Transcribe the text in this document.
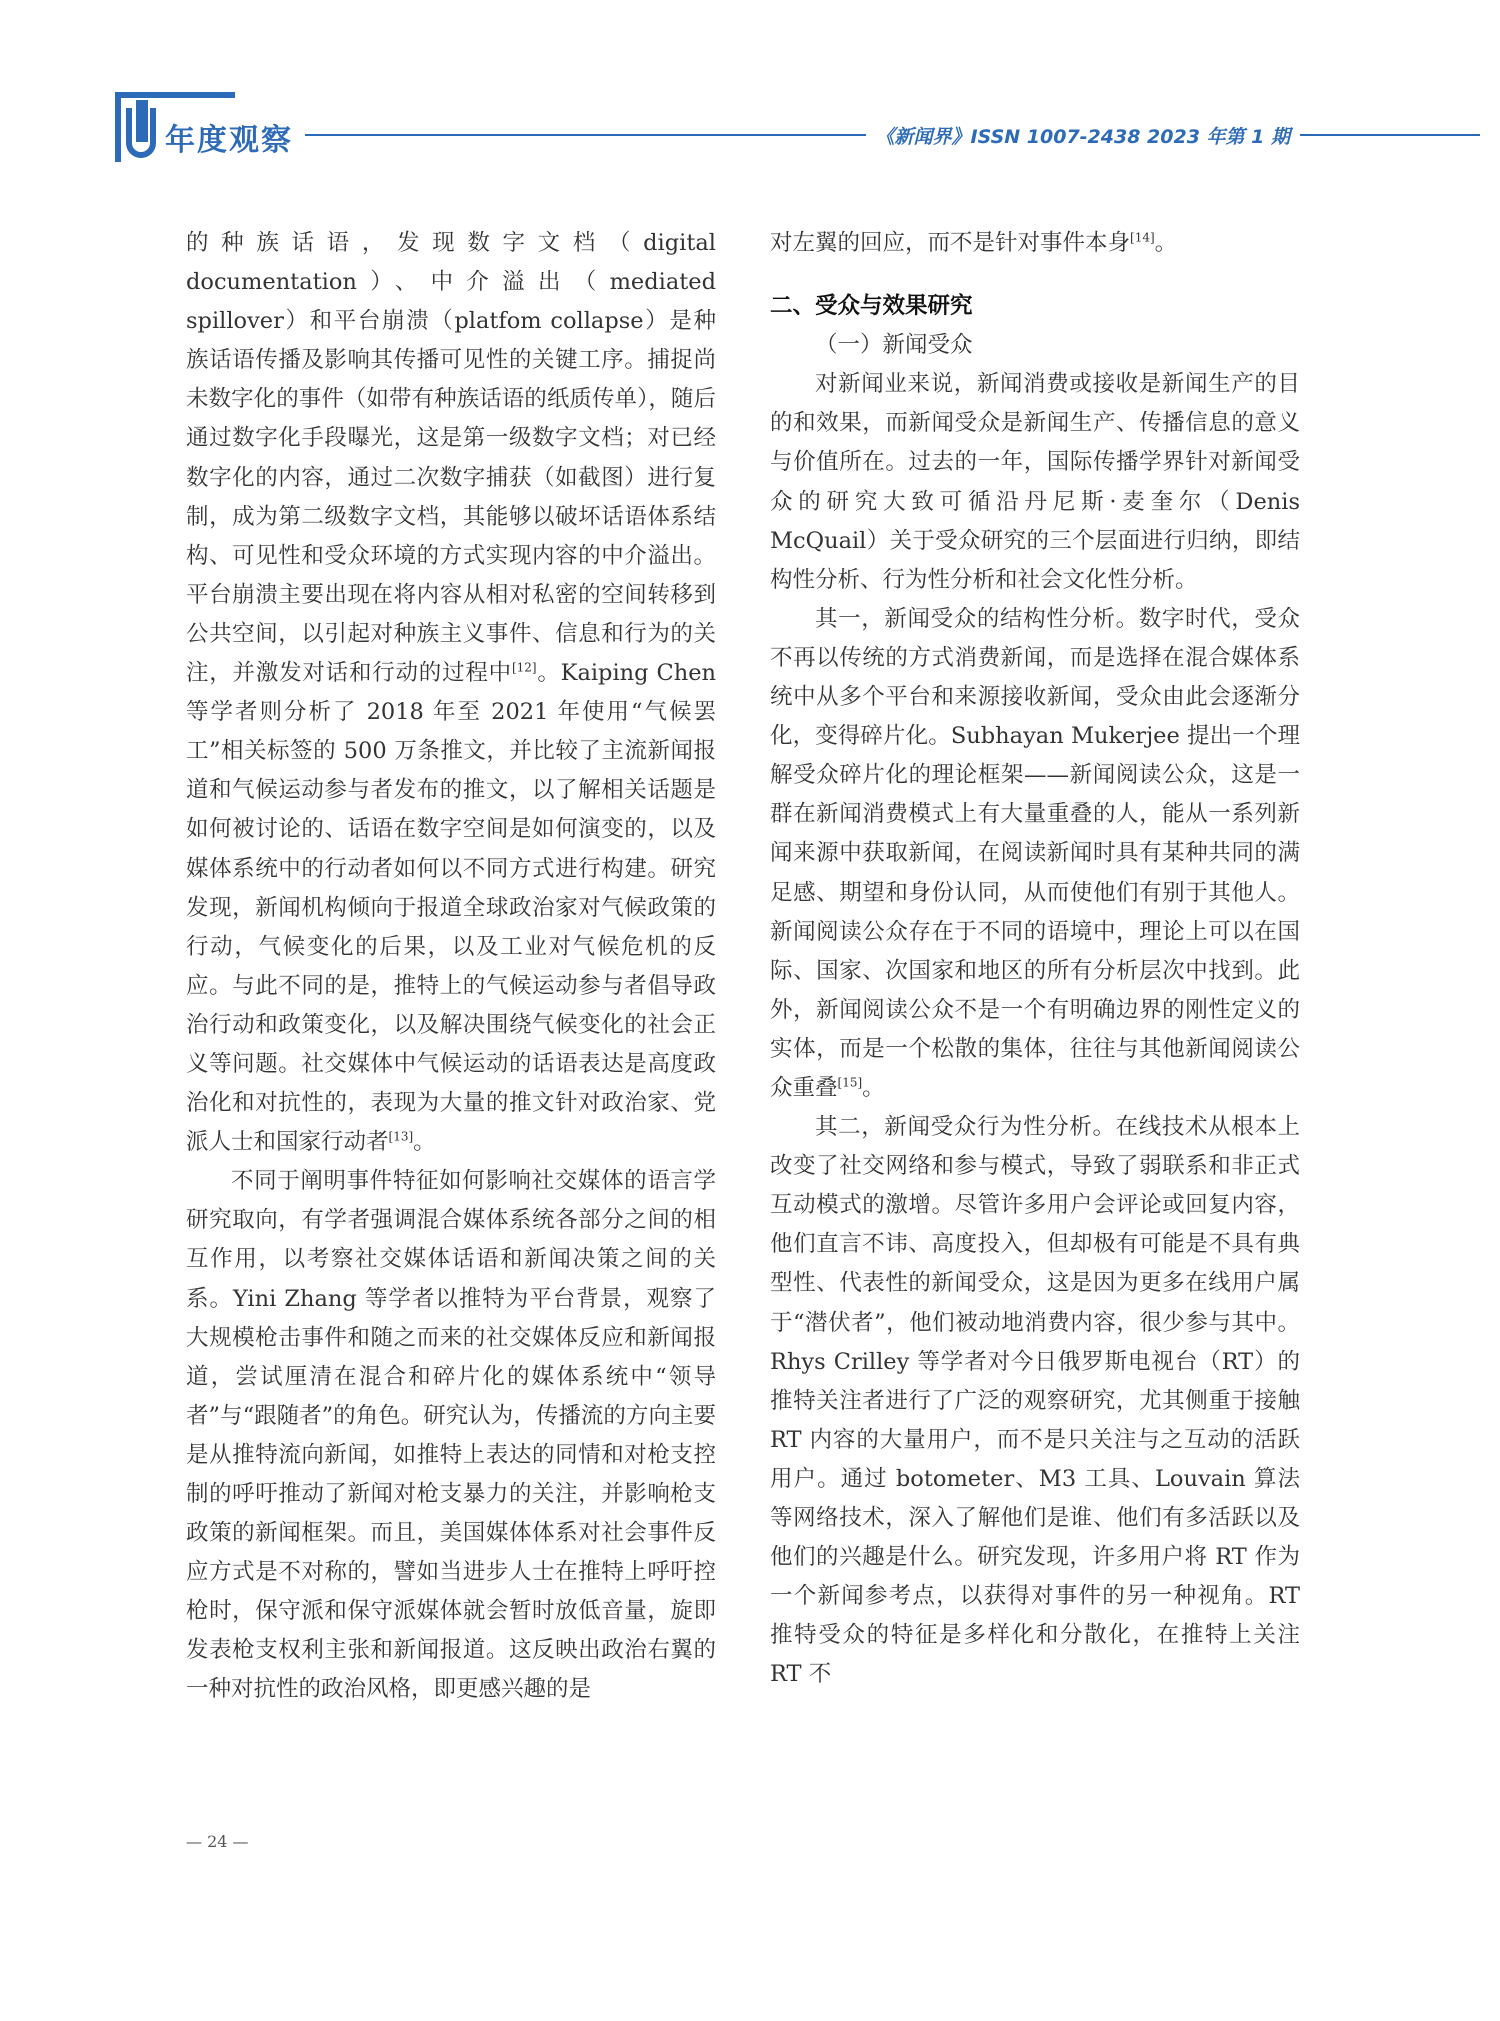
年度观察	《新闻界》ISSN 1007-2438 2023 年第 1 期

的种族话语，发现数字文档（digital documentation）、中介溢出（mediated spillover）和平台崩溃（platfom collapse）是种族话语传播及影响其传播可见性的关键工序。捕捉尚未数字化的事件（如带有种族话语的纸质传单），随后通过数字化手段曝光，这是第一级数字文档；对已经数字化的内容，通过二次数字捕获（如截图）进行复制，成为第二级数字文档，其能够以破坏话语体系结构、可见性和受众环境的方式实现内容的中介溢出。平台崩溃主要出现在将内容从相对私密的空间转移到公共空间，以引起对种族主义事件、信息和行为的关注，并激发对话和行动的过程中[12]。Kaiping Chen 等学者则分析了 2018 年至 2021 年使用“气候罢工”相关标签的 500 万条推文，并比较了主流新闻报道和气候运动参与者发布的推文，以了解相关话题是如何被讨论的、话语在数字空间是如何演变的，以及媒体系统中的行动者如何以不同方式进行构建。研究发现，新闻机构倾向于报道全球政治家对气候政策的行动，气候变化的后果，以及工业对气候危机的反应。与此不同的是，推特上的气候运动参与者倡导政治行动和政策变化，以及解决围绕气候变化的社会正义等问题。社交媒体中气候运动的话语表达是高度政治化和对抗性的，表现为大量的推文针对政治家、党派人士和国家行动者[13]。

不同于阐明事件特征如何影响社交媒体的语言学研究取向，有学者强调混合媒体系统各部分之间的相互作用，以考察社交媒体话语和新闻决策之间的关系。Yini Zhang 等学者以推特为平台背景，观察了大规模枪击事件和随之而来的社交媒体反应和新闻报道，尝试厘清在混合和碎片化的媒体系统中“领导者”与“跟随者”的角色。研究认为，传播流的方向主要是从推特流向新闻，如推特上表达的同情和对枪支控制的呼吁推动了新闻对枪支暴力的关注，并影响枪支政策的新闻框架。而且，美国媒体体系对社会事件反应方式是不对称的，譬如当进步人士在推特上呼吁控枪时，保守派和保守派媒体就会暂时放低音量，旋即发表枪支权利主张和新闻报道。这反映出政治右翼的一种对抗性的政治风格，即更感兴趣的是

对左翼的回应，而不是针对事件本身[14]。

二、受众与效果研究

（一）新闻受众

对新闻业来说，新闻消费或接收是新闻生产的目的和效果，而新闻受众是新闻生产、传播信息的意义与价值所在。过去的一年，国际传播学界针对新闻受众的研究大致可循沿丹尼斯·麦奎尔（Denis McQuail）关于受众研究的三个层面进行归纳，即结构性分析、行为性分析和社会文化性分析。

其一，新闻受众的结构性分析。数字时代，受众不再以传统的方式消费新闻，而是选择在混合媒体系统中从多个平台和来源接收新闻，受众由此会逐渐分化，变得碎片化。Subhayan Mukerjee 提出一个理解受众碎片化的理论框架——新闻阅读公众，这是一群在新闻消费模式上有大量重叠的人，能从一系列新闻来源中获取新闻，在阅读新闻时具有某种共同的满足感、期望和身份认同，从而使他们有别于其他人。新闻阅读公众存在于不同的语境中，理论上可以在国际、国家、次国家和地区的所有分析层次中找到。此外，新闻阅读公众不是一个有明确边界的刚性定义的实体，而是一个松散的集体，往往与其他新闻阅读公众重叠[15]。

其二，新闻受众行为性分析。在线技术从根本上改变了社交网络和参与模式，导致了弱联系和非正式互动模式的激增。尽管许多用户会评论或回复内容，他们直言不讳、高度投入，但却极有可能是不具有典型性、代表性的新闻受众，这是因为更多在线用户属于“潜伏者”，他们被动地消费内容，很少参与其中。Rhys Crilley 等学者对今日俄罗斯电视台（RT）的推特关注者进行了广泛的观察研究，尤其侧重于接触 RT 内容的大量用户，而不是只关注与之互动的活跃用户。通过 botometer、M3 工具、Louvain 算法等网络技术，深入了解他们是谁、他们有多活跃以及他们的兴趣是什么。研究发现，许多用户将 RT 作为一个新闻参考点，以获得对事件的另一种视角。RT 推特受众的特征是多样化和分散化，在推特上关注 RT 不

— 24 —
